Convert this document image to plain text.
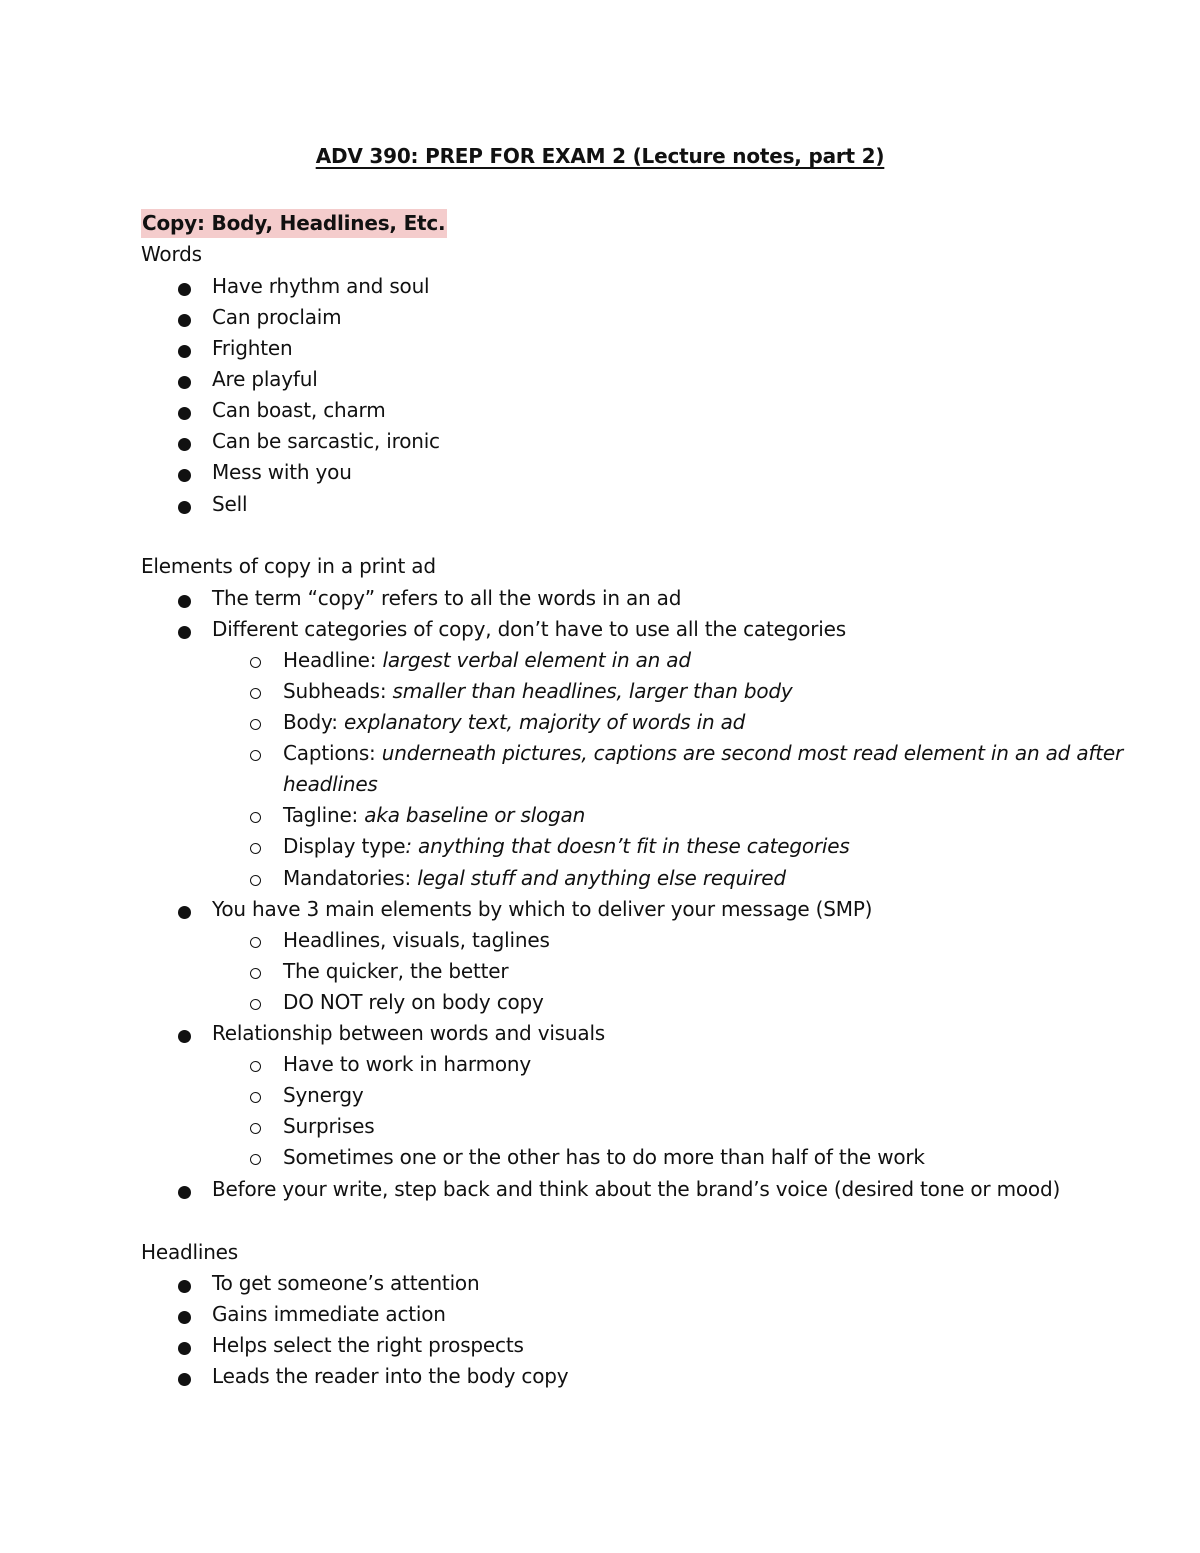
ADV 390: PREP FOR EXAM 2 (Lecture notes, part 2)
Copy: Body, Headlines, Etc.
Words
Have rhythm and soul
Can proclaim
Frighten
Are playful
Can boast, charm
Can be sarcastic, ironic
Mess with you
Sell
Elements of copy in a print ad
The term “copy” refers to all the words in an ad
Different categories of copy, don’t have to use all the categories
Headline: largest verbal element in an ad
Subheads: smaller than headlines, larger than body
Body: explanatory text, majority of words in ad
Captions: underneath pictures, captions are second most read element in an ad after
headlines
Tagline: aka baseline or slogan
Display type: anything that doesn’t fit in these categories
Mandatories: legal stuff and anything else required
You have 3 main elements by which to deliver your message (SMP)
Headlines, visuals, taglines
The quicker, the better
DO NOT rely on body copy
Relationship between words and visuals
Have to work in harmony
Synergy
Surprises
Sometimes one or the other has to do more than half of the work
Before your write, step back and think about the brand’s voice (desired tone or mood)
Headlines
To get someone’s attention
Gains immediate action
Helps select the right prospects
Leads the reader into the body copy
